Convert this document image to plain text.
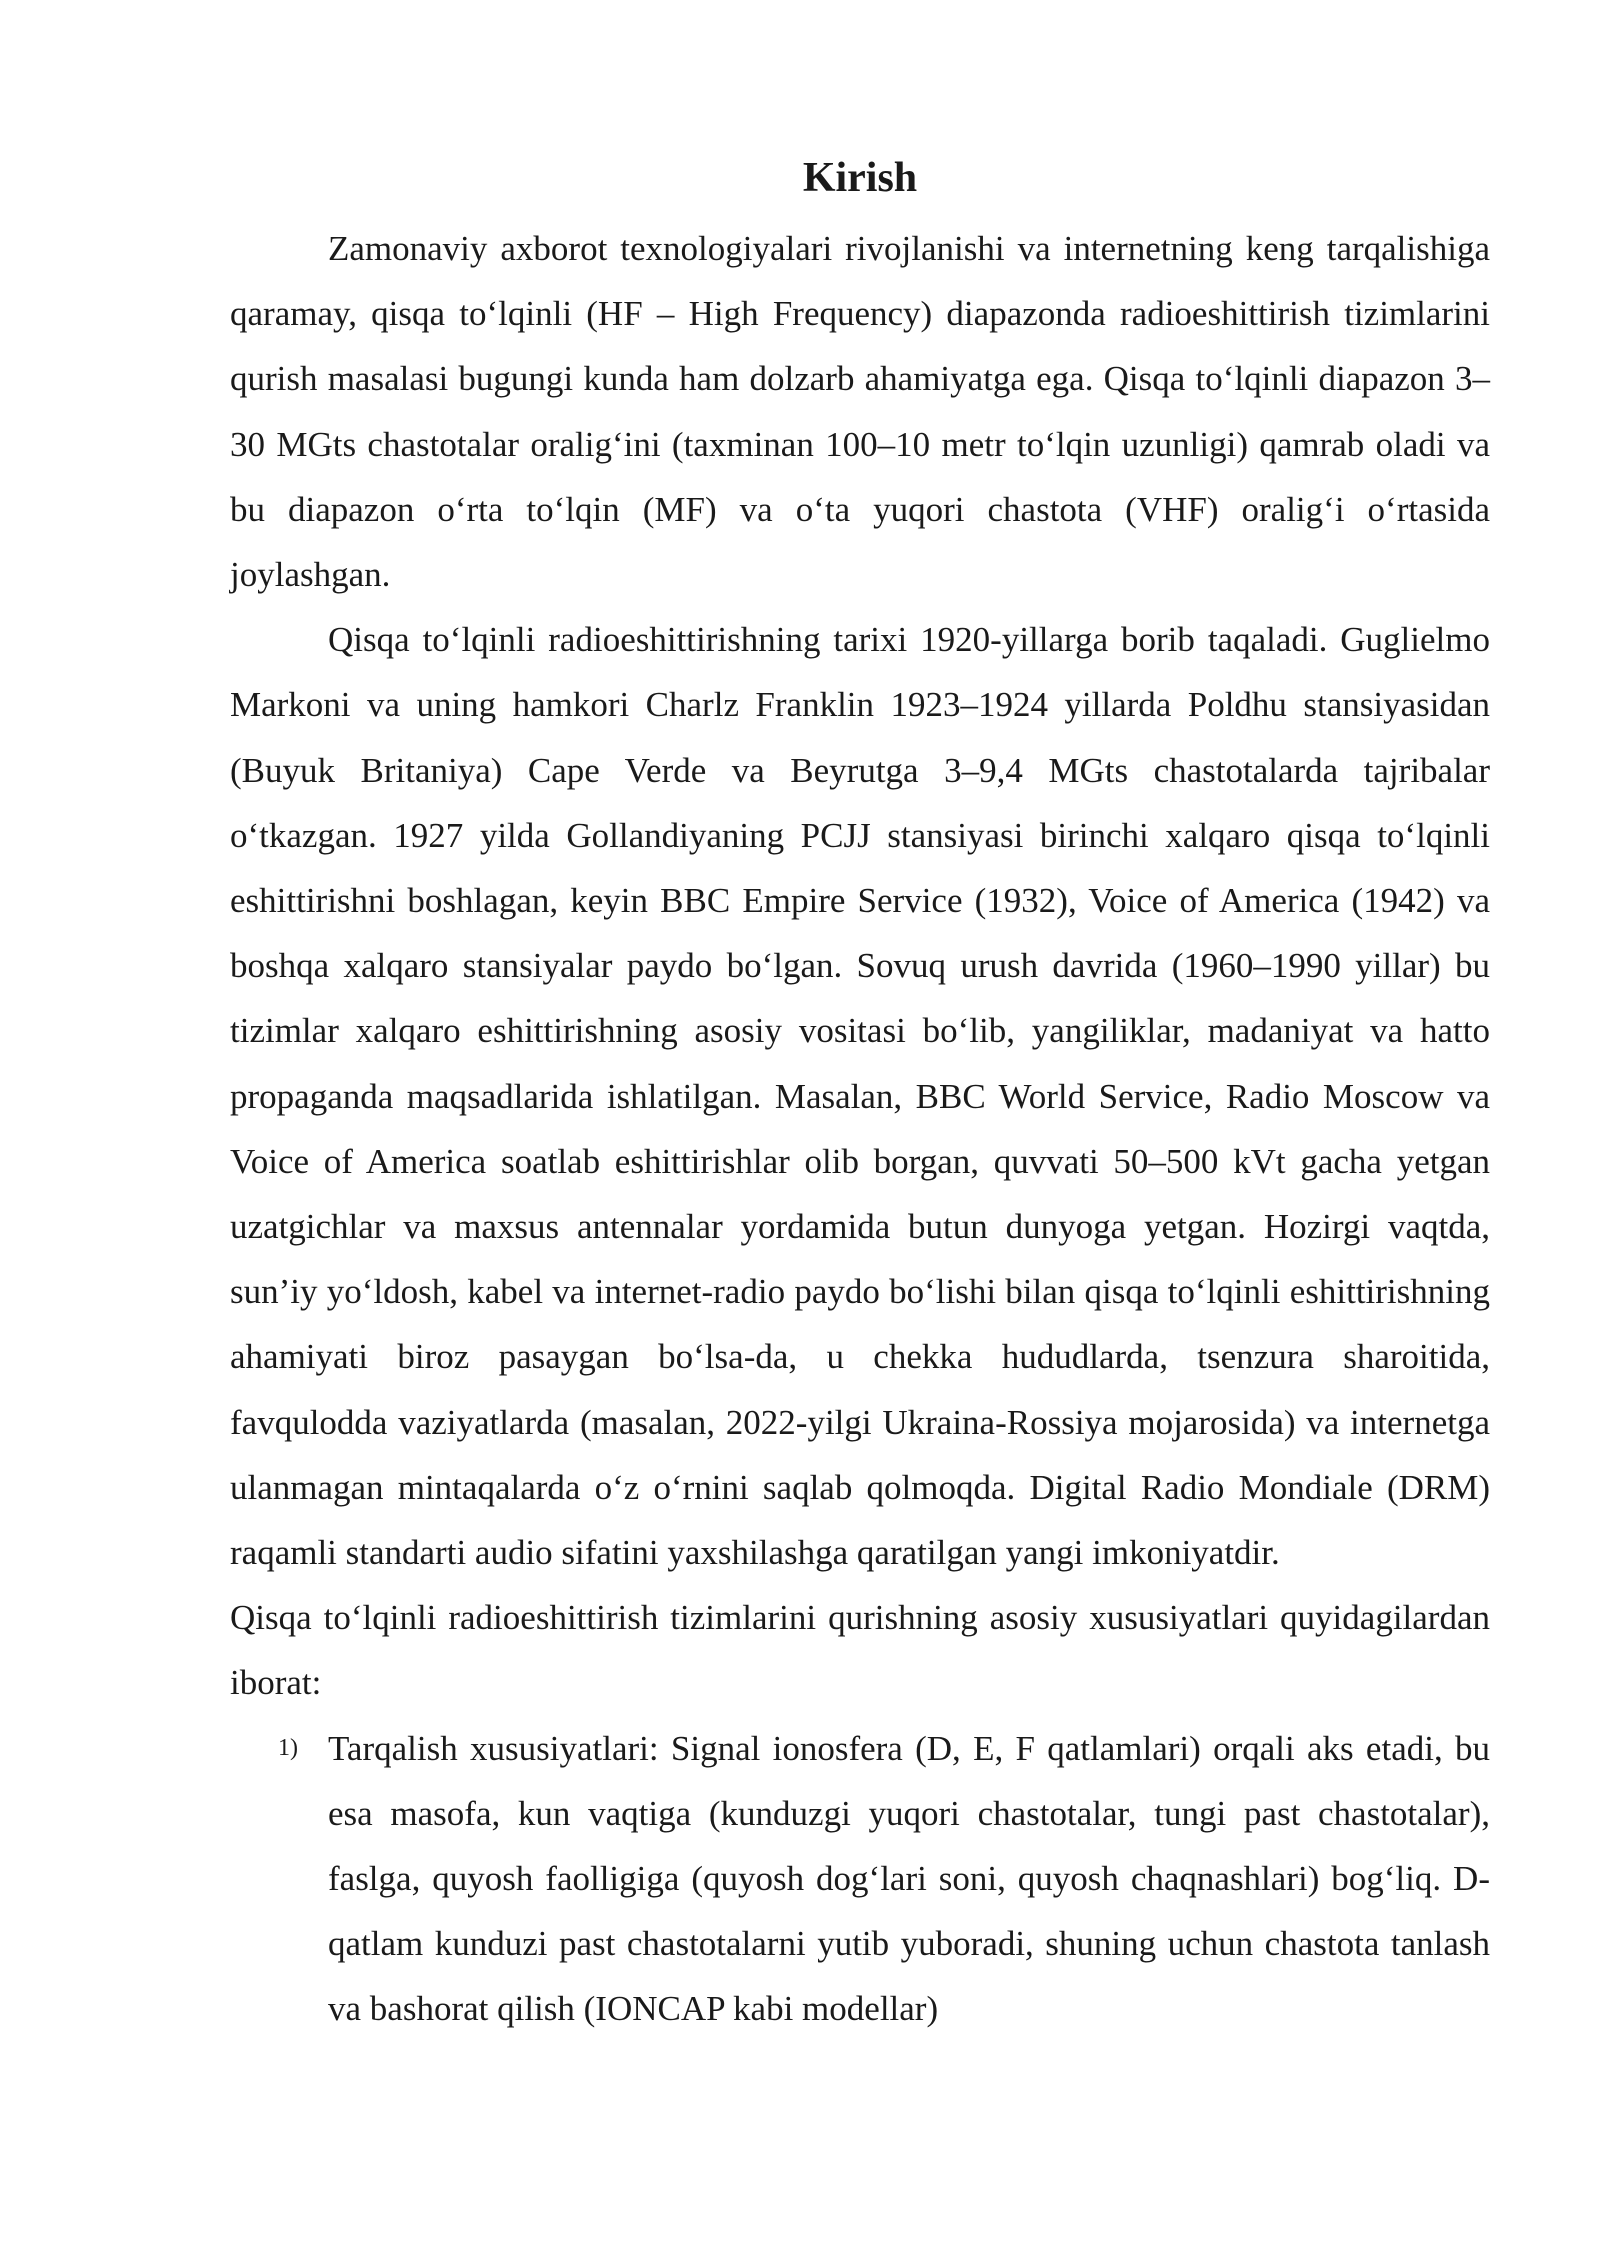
Kirish

Zamonaviy axborot texnologiyalari rivojlanishi va internetning keng tarqalishiga qaramay, qisqa to‘lqinli (HF – High Frequency) diapazonda radioeshittirish tizimlarini qurish masalasi bugungi kunda ham dolzarb ahamiyatga ega. Qisqa to‘lqinli diapazon 3–30 MGts chastotalar oralig‘ini (taxminan 100–10 metr to‘lqin uzunligi) qamrab oladi va bu diapazon o‘rta to‘lqin (MF) va o‘ta yuqori chastota (VHF) oralig‘i o‘rtasida joylashgan.

Qisqa to‘lqinli radioeshittirishning tarixi 1920-yillarga borib taqaladi. Guglielmo Markoni va uning hamkori Charlz Franklin 1923–1924 yillarda Poldhu stansiyasidan (Buyuk Britaniya) Cape Verde va Beyrutga 3–9,4 MGts chastotalarda tajribalar o‘tkazgan. 1927 yilda Gollandiyaning PCJJ stansiyasi birinchi xalqaro qisqa to‘lqinli eshittirishni boshlagan, keyin BBC Empire Service (1932), Voice of America (1942) va boshqa xalqaro stansiyalar paydo bo‘lgan. Sovuq urush davrida (1960–1990 yillar) bu tizimlar xalqaro eshittirishning asosiy vositasi bo‘lib, yangiliklar, madaniyat va hatto propaganda maqsadlarida ishlatilgan. Masalan, BBC World Service, Radio Moscow va Voice of America soatlab eshittirishlar olib borgan, quvvati 50–500 kVt gacha yetgan uzatgichlar va maxsus antennalar yordamida butun dunyoga yetgan. Hozirgi vaqtda, sun’iy yo‘ldosh, kabel va internet-radio paydo bo‘lishi bilan qisqa to‘lqinli eshittirishning ahamiyati biroz pasaygan bo‘lsa-da, u chekka hududlarda, tsenzura sharoitida, favqulodda vaziyatlarda (masalan, 2022-yilgi Ukraina-Rossiya mojarosida) va internetga ulanmagan mintaqalarda o‘z o‘rnini saqlab qolmoqda. Digital Radio Mondiale (DRM) raqamli standarti audio sifatini yaxshilashga qaratilgan yangi imkoniyatdir.

Qisqa to‘lqinli radioeshittirish tizimlarini qurishning asosiy xususiyatlari quyidagilardan iborat:

1) Tarqalish xususiyatlari: Signal ionosfera (D, E, F qatlamlari) orqali aks etadi, bu esa masofa, kun vaqtiga (kunduzgi yuqori chastotalar, tungi past chastotalar), faslga, quyosh faolligiga (quyosh dog‘lari soni, quyosh chaqnashlari) bog‘liq. D-qatlam kunduzi past chastotalarni yutib yuboradi, shuning uchun chastota tanlash va bashorat qilish (IONCAP kabi modellar)
